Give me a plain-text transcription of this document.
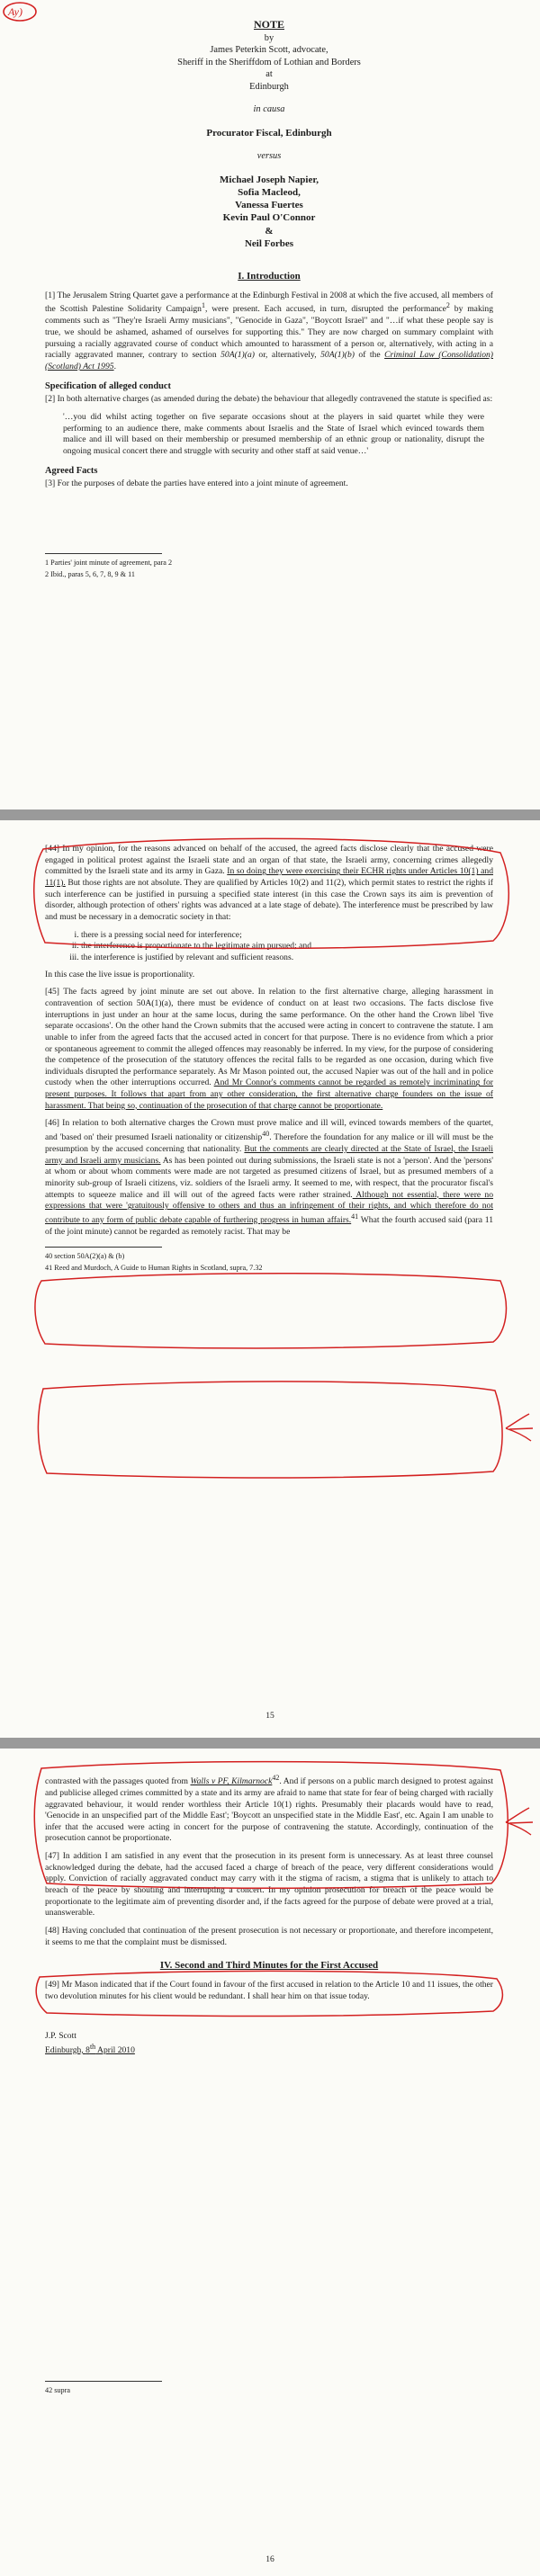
Ay)
NOTE
by
James Peterkin Scott, advocate,
Sheriff in the Sheriffdom of Lothian and Borders
at
Edinburgh
in causa
Procurator Fiscal, Edinburgh
versus
Michael Joseph Napier,
Sofia Macleod,
Vanessa Fuertes
Kevin Paul O'Connor
&
Neil Forbes
I. Introduction

[1] The Jerusalem String Quartet gave a performance at the Edinburgh Festival in 2008 at which the five accused, all members of the Scottish Palestine Solidarity Campaign$^1$, were present. Each accused, in turn, disrupted the performance$^2$ by making comments such as "They're Israeli Army musicians", "Genocide in Gaza", "Boycott Israel" and "…if what these people say is true, we should be ashamed, ashamed of ourselves for supporting this." They are now charged on summary complaint with pursuing a racially aggravated course of conduct which amounted to harassment of a person or, alternatively, with acting in a racially aggravated manner, contrary to section 50A(1)(a) or, alternatively, 50A(1)(b) of the Criminal Law (Consolidation)(Scotland) Act 1995.

Specification of alleged conduct

[2] In both alternative charges (as amended during the debate) the behaviour that allegedly contravened the statute is specified as:

'…you did whilst acting together on five separate occasions shout at the players in said quartet while they were performing to an audience there, make comments about Israelis and the State of Israel which evinced towards them malice and ill will based on their membership or presumed membership of an ethnic group or nationality, disrupt the ongoing musical concert there and struggle with security and other staff at said venue…'
Agreed Facts

[3] For the purposes of debate the parties have entered into a joint minute of agreement.

1 Parties' joint minute of agreement, para 2
2 Ibid., paras 5, 6, 7, 8, 9 & 11

[44] In my opinion, for the reasons advanced on behalf of the accused, the agreed facts disclose clearly that the accused were engaged in political protest against the Israeli state and an organ of that state, the Israeli army, concerning crimes allegedly committed by the Israeli state and its army in Gaza. In so doing they were exercising their ECHR rights under Articles 10(1) and 11(1). But those rights are not absolute. They are qualified by Articles 10(2) and 11(2), which permit states to restrict the rights if such interference can be justified in pursuing a specified state interest (in this case the Crown says its aim is prevention of disorder, although protection of others' rights was advanced at a late stage of debate). The interference must be prescribed by law and must be necessary in a democratic society in that:

i. there is a pressing social need for interference;
ii. the interference is proportionate to the legitimate aim pursued; and
iii. the interference is justified by relevant and sufficient reasons.

In this case the live issue is proportionality.

[45] The facts agreed by joint minute are set out above. In relation to the first alternative charge, alleging harassment in contravention of section 50A(1)(a), there must be evidence of conduct on at least two occasions. The facts disclose five interruptions in just under an hour at the same locus, during the same performance. On the other hand the Crown libel 'five separate occasions'. On the other hand the Crown submits that the accused were acting in concert to contravene the statute. I am unable to infer from the agreed facts that the accused acted in concert for that purpose. There is no evidence from which a prior or spontaneous agreement to commit the alleged offences may reasonably be inferred. In my view, for the purpose of considering the competence of the prosecution of the statutory offences the recital falls to be regarded as one occasion, during which five individuals disrupted the performance separately. As Mr Mason pointed out, the accused Napier was out of the hall and in police custody when the other interruptions occurred. And Mr Connor's comments cannot be regarded as remotely incriminating for present purposes. It follows that apart from any other consideration, the first alternative charge founders on the issue of harassment. That being so, continuation of the prosecution of that charge cannot be proportionate.

[46] In relation to both alternative charges the Crown must prove malice and ill will, evinced towards members of the quartet, and 'based on' their presumed Israeli nationality or citizenship$^{40}$. Therefore the foundation for any malice or ill will must be the presumption by the accused concerning that nationality. But the comments are clearly directed at the State of Israel, the Israeli army and Israeli army musicians. As has been pointed out during submissions, the Israeli state is not a 'person'. And the 'persons' at whom or about whom comments were made are not targeted as presumed citizens of Israel, but as presumed members of a minority sub-group of Israeli citizens, viz. soldiers of the Israeli army. It seemed to me, with respect, that the procurator fiscal's attempts to squeeze malice and ill will out of the agreed facts were rather strained. Although not essential, there were no expressions that were 'gratuitously offensive to others and thus an infringement of their rights, and which therefore do not contribute to any form of public debate capable of furthering progress in human affairs.$^{41}$ What the fourth accused said (para 11 of the joint minute) cannot be regarded as remotely racist. That may be

40 section 50A(2)(a) & (b)
41 Reed and Murdoch, A Guide to Human Rights in Scotland, supra, 7.32
15

contrasted with the passages quoted from Walls v PF, Kilmarnock$^{42}$. And if persons on a public march designed to protest against and publicise alleged crimes committed by a state and its army are afraid to name that state for fear of being charged with racially aggravated behaviour, it would render worthless their Article 10(1) rights. Presumably their placards would have to read, 'Genocide in an unspecified part of the Middle East'; 'Boycott an unspecified state in the Middle East', etc. Again I am unable to infer that the accused were acting in concert for the purpose of contravening the statute. Accordingly, continuation of the prosecution cannot be proportionate.

[47] In addition I am satisfied in any event that the prosecution in its present form is unnecessary. As at least three counsel acknowledged during the debate, had the accused faced a charge of breach of the peace, very different considerations would apply. Conviction of racially aggravated conduct may carry with it the stigma of racism, a stigma that is unlikely to attach to breach of the peace by shouting and interrupting a concert. In my opinion prosecution for breach of the peace would be proportionate to the legitimate aim of preventing disorder and, if the facts agreed for the purpose of debate were proved at a trial, unanswerable.

[48] Having concluded that continuation of the present prosecution is not necessary or proportionate, and therefore incompetent, it seems to me that the complaint must be dismissed.

IV. Second and Third Minutes for the First Accused

[49] Mr Mason indicated that if the Court found in favour of the first accused in relation to the Article 10 and 11 issues, the other two devolution minutes for his client would be redundant. I shall hear him on that issue today.

J.P. Scott
Edinburgh, 8th April 2010
42 supra
16
